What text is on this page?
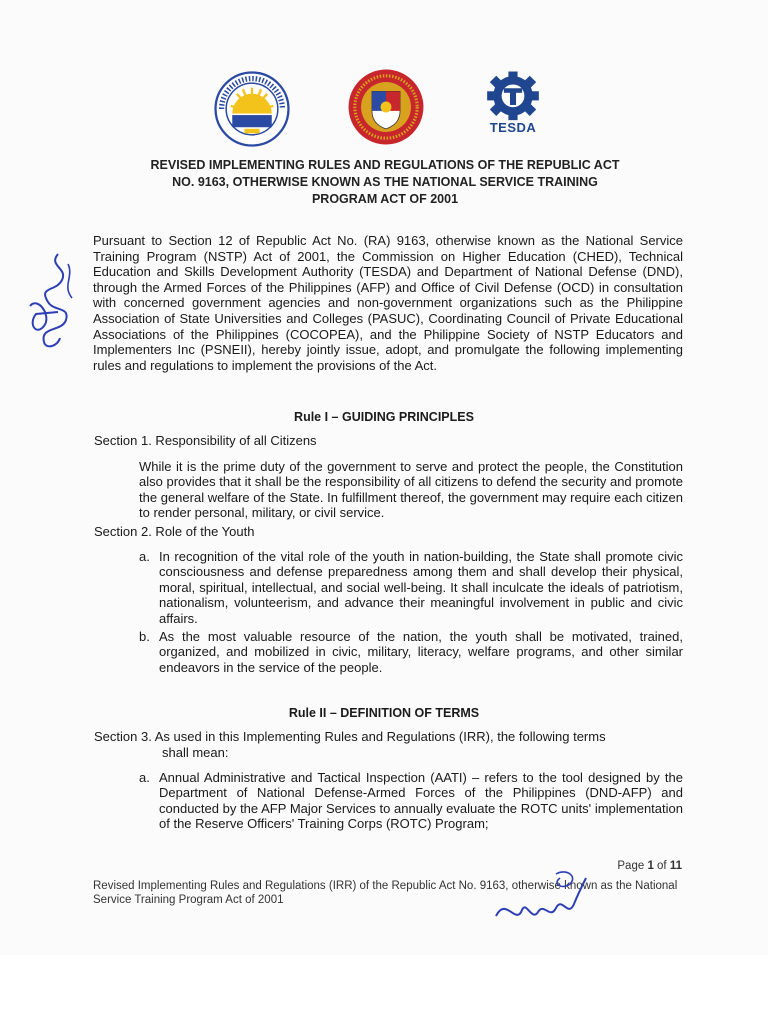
TESDA
REVISED IMPLEMENTING RULES AND REGULATIONS OF THE REPUBLIC ACT
NO. 9163, OTHERWISE KNOWN AS THE NATIONAL SERVICE TRAINING
PROGRAM ACT OF 2001
Pursuant to Section 12 of Republic Act No. (RA) 9163, otherwise known as the National Service Training Program (NSTP) Act of 2001, the Commission on Higher Education (CHED), Technical Education and Skills Development Authority (TESDA) and Department of National Defense (DND), through the Armed Forces of the Philippines (AFP) and Office of Civil Defense (OCD) in consultation with concerned government agencies and non-government organizations such as the Philippine Association of State Universities and Colleges (PASUC), Coordinating Council of Private Educational Associations of the Philippines (COCOPEA), and the Philippine Society of NSTP Educators and Implementers Inc (PSNEII), hereby jointly issue, adopt, and promulgate the following implementing rules and regulations to implement the provisions of the Act.
Rule I – GUIDING PRINCIPLES
Section 1. Responsibility of all Citizens
While it is the prime duty of the government to serve and protect the people, the Constitution also provides that it shall be the responsibility of all citizens to defend the security and promote the general welfare of the State. In fulfillment thereof, the government may require each citizen to render personal, military, or civil service.
Section 2. Role of the Youth
a. In recognition of the vital role of the youth in nation-building, the State shall promote civic consciousness and defense preparedness among them and shall develop their physical, moral, spiritual, intellectual, and social well-being. It shall inculcate the ideals of patriotism, nationalism, volunteerism, and advance their meaningful involvement in public and civic affairs.
b. As the most valuable resource of the nation, the youth shall be motivated, trained, organized, and mobilized in civic, military, literacy, welfare programs, and other similar endeavors in the service of the people.
Rule II – DEFINITION OF TERMS
Section 3. As used in this Implementing Rules and Regulations (IRR), the following terms
shall mean:
a. Annual Administrative and Tactical Inspection (AATI) – refers to the tool designed by the Department of National Defense-Armed Forces of the Philippines (DND-AFP) and conducted by the AFP Major Services to annually evaluate the ROTC units' implementation of the Reserve Officers' Training Corps (ROTC) Program;
Page 1 of 11
Revised Implementing Rules and Regulations (IRR) of the Republic Act No. 9163, otherwise known as the National Service Training Program Act of 2001
